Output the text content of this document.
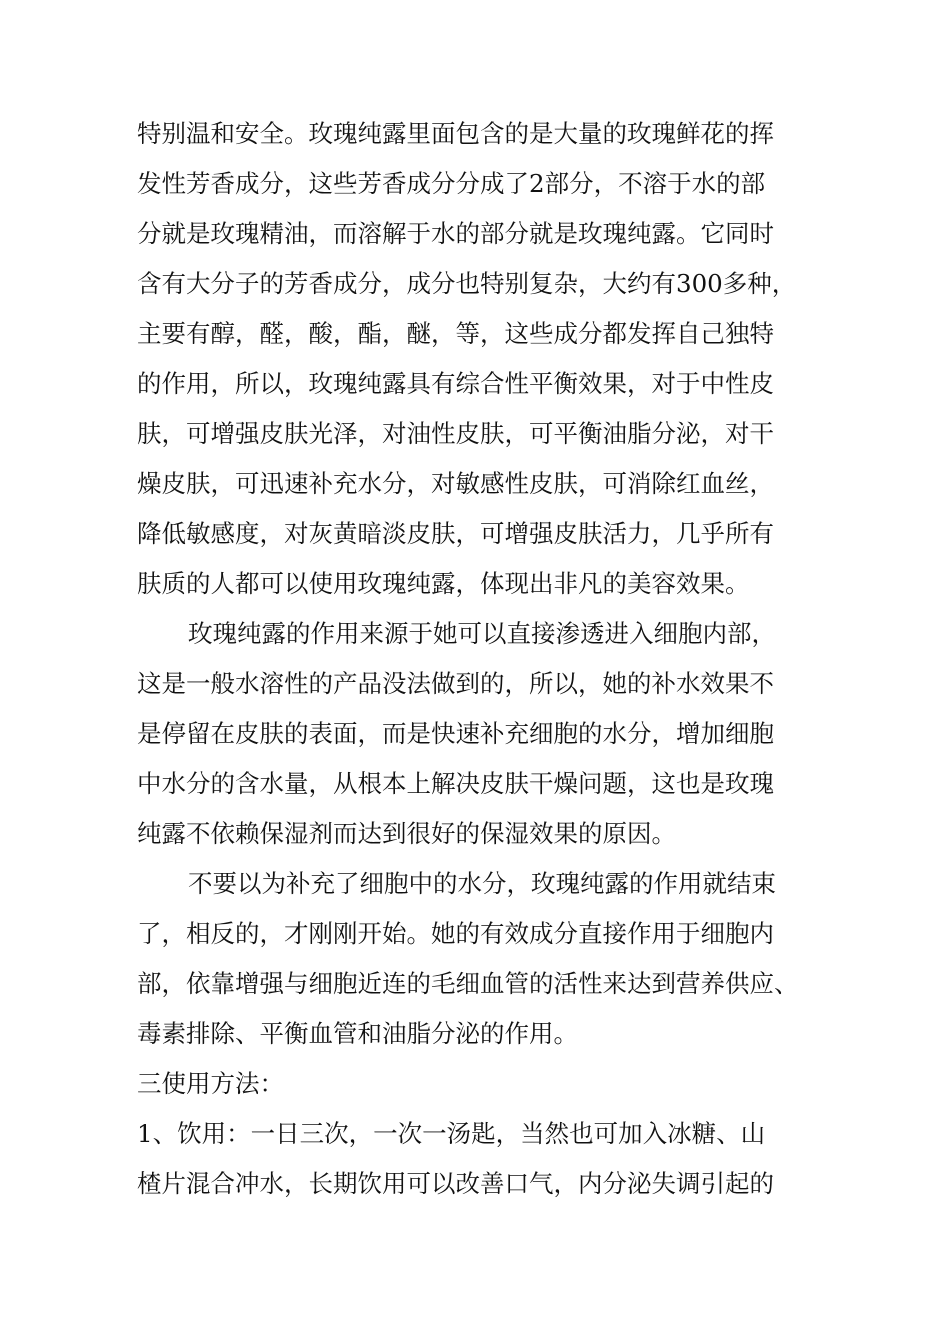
特别温和安全。玫瑰纯露里面包含的是大量的玫瑰鲜花的挥
发性芳香成分，这些芳香成分分成了2部分，不溶于水的部
分就是玫瑰精油，而溶解于水的部分就是玫瑰纯露。它同时
含有大分子的芳香成分，成分也特别复杂，大约有300多种，
主要有醇，醛，酸，酯，醚，等，这些成分都发挥自己独特
的作用，所以，玫瑰纯露具有综合性平衡效果，对于中性皮
肤，可增强皮肤光泽，对油性皮肤，可平衡油脂分泌，对干
燥皮肤，可迅速补充水分，对敏感性皮肤，可消除红血丝，
降低敏感度，对灰黄暗淡皮肤，可增强皮肤活力，几乎所有
肤质的人都可以使用玫瑰纯露，体现出非凡的美容效果。
玫瑰纯露的作用来源于她可以直接渗透进入细胞内部，
这是一般水溶性的产品没法做到的，所以，她的补水效果不
是停留在皮肤的表面，而是快速补充细胞的水分，增加细胞
中水分的含水量，从根本上解决皮肤干燥问题，这也是玫瑰
纯露不依赖保湿剂而达到很好的保湿效果的原因。
不要以为补充了细胞中的水分，玫瑰纯露的作用就结束
了，相反的，才刚刚开始。她的有效成分直接作用于细胞内
部，依靠增强与细胞近连的毛细血管的活性来达到营养供应、
毒素排除、平衡血管和油脂分泌的作用。
三使用方法：
1、饮用：一日三次，一次一汤匙，当然也可加入冰糖、山
楂片混合冲水，长期饮用可以改善口气，内分泌失调引起的
